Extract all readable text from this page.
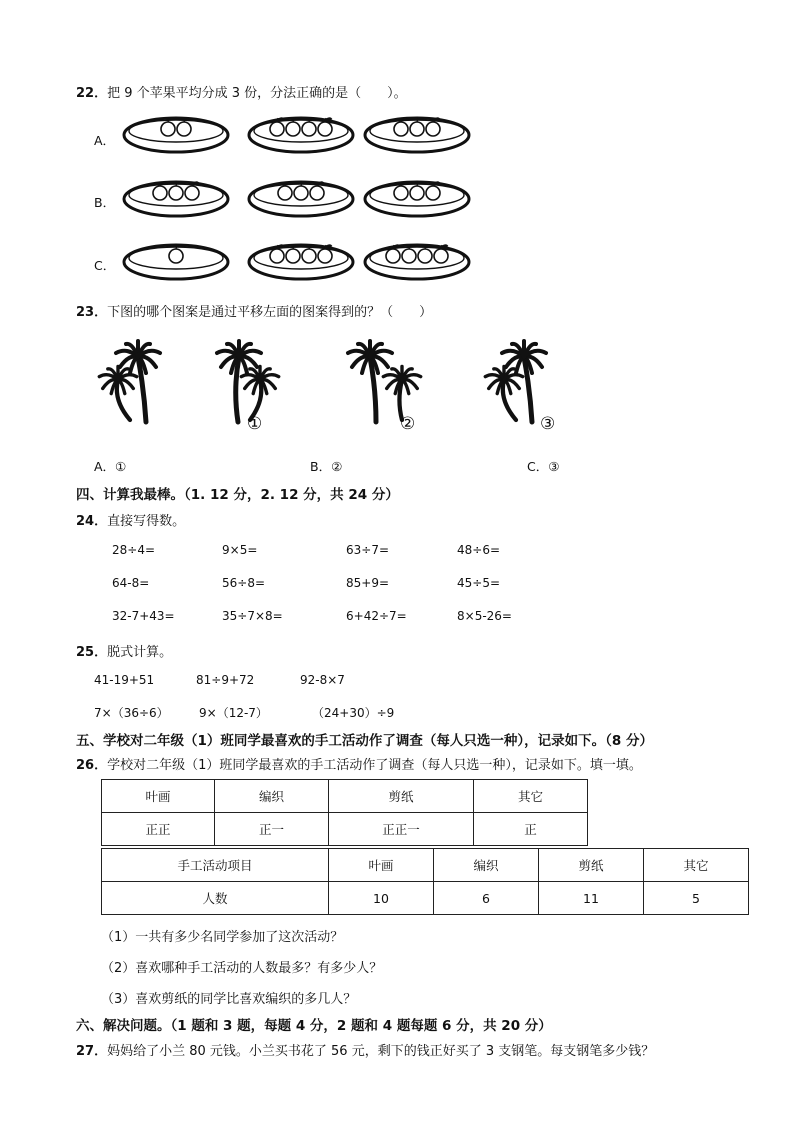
22．把 9 个苹果平均分成 3 份，分法正确的是（　　）。
A．
B．
C．
23．下图的哪个图案是通过平移左面的图案得到的？（　　）
①	②	③
A．①	B．②	C．③
四、计算我最棒。（1. 12 分，2. 12 分，共 24 分）
24．直接写得数。
28÷4=	9×5=	63÷7=	48÷6=
64-8=	56÷8=	85+9=	45÷5=
32-7+43=	35÷7×8=	6+42÷7=	8×5-26=
25．脱式计算。
41-19+51	81÷9+72	92-8×7
7×（36÷6）	9×（12-7）	（24+30）÷9
五、学校对二年级（1）班同学最喜欢的手工活动作了调查（每人只选一种），记录如下。（8 分）
26．学校对二年级（1）班同学最喜欢的手工活动作了调查（每人只选一种），记录如下。填一填。
叶画	编织	剪纸	其它
正正	正一	正正一	正
手工活动项目	叶画	编织	剪纸	其它
人数	10	6	11	5
（1）一共有多少名同学参加了这次活动？
（2）喜欢哪种手工活动的人数最多？有多少人？
（3）喜欢剪纸的同学比喜欢编织的多几人？
六、解决问题。（1 题和 3 题，每题 4 分，2 题和 4 题每题 6 分，共 20 分）
27．妈妈给了小兰 80 元钱。小兰买书花了 56 元，剩下的钱正好买了 3 支钢笔。每支钢笔多少钱？
